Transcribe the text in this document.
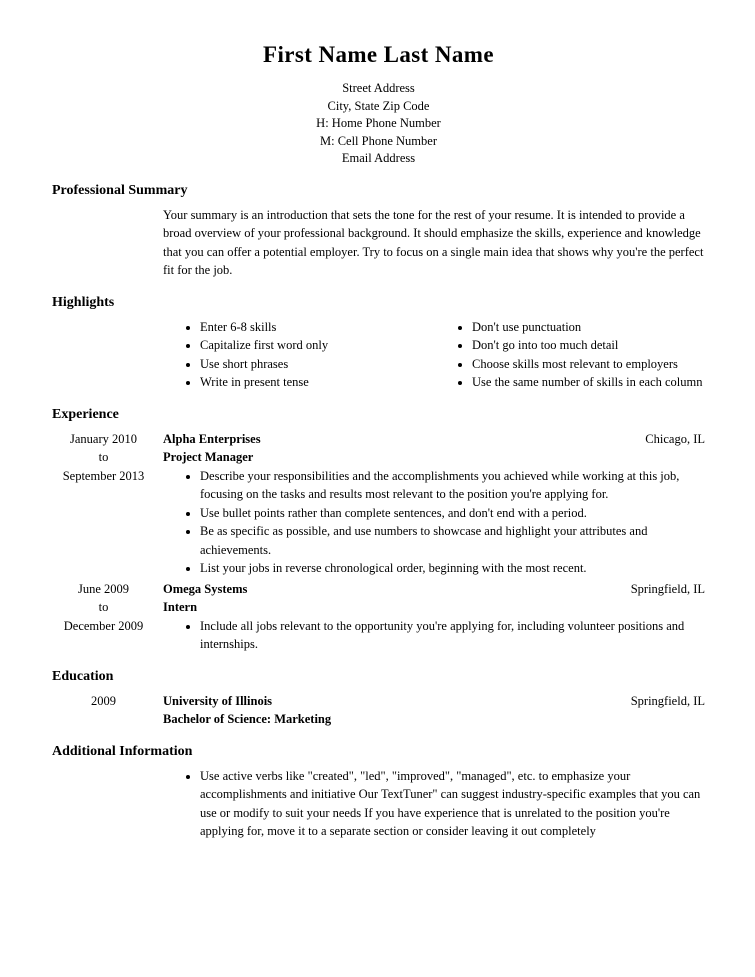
First Name Last Name
Street Address
City, State Zip Code
H: Home Phone Number
M: Cell Phone Number
Email Address
Professional Summary
Your summary is an introduction that sets the tone for the rest of your resume. It is intended to provide a broad overview of your professional background. It should emphasize the skills, experience and knowledge that you can offer a potential employer. Try to focus on a single main idea that shows why you're the perfect fit for the job.
Highlights
• Enter 6-8 skills
• Capitalize first word only
• Use short phrases
• Write in present tense
• Don't use punctuation
• Don't go into too much detail
• Choose skills most relevant to employers
• Use the same number of skills in each column
Experience
January 2010
to
September 2013
Alpha Enterprises	Chicago, IL
Project Manager
• Describe your responsibilities and the accomplishments you achieved while working at this job, focusing on the tasks and results most relevant to the position you're applying for.
• Use bullet points rather than complete sentences, and don't end with a period.
• Be as specific as possible, and use numbers to showcase and highlight your attributes and achievements.
• List your jobs in reverse chronological order, beginning with the most recent.
June 2009
to
December 2009
Omega Systems	Springfield, IL
Intern
• Include all jobs relevant to the opportunity you're applying for, including volunteer positions and internships.
Education
2009	University of Illinois	Springfield, IL
Bachelor of Science: Marketing
Additional Information
• Use active verbs like "created", "led", "improved", "managed", etc. to emphasize your accomplishments and initiative Our TextTuner" can suggest industry-specific examples that you can use or modify to suit your needs If you have experience that is unrelated to the position you're applying for, move it to a separate section or consider leaving it out completely
